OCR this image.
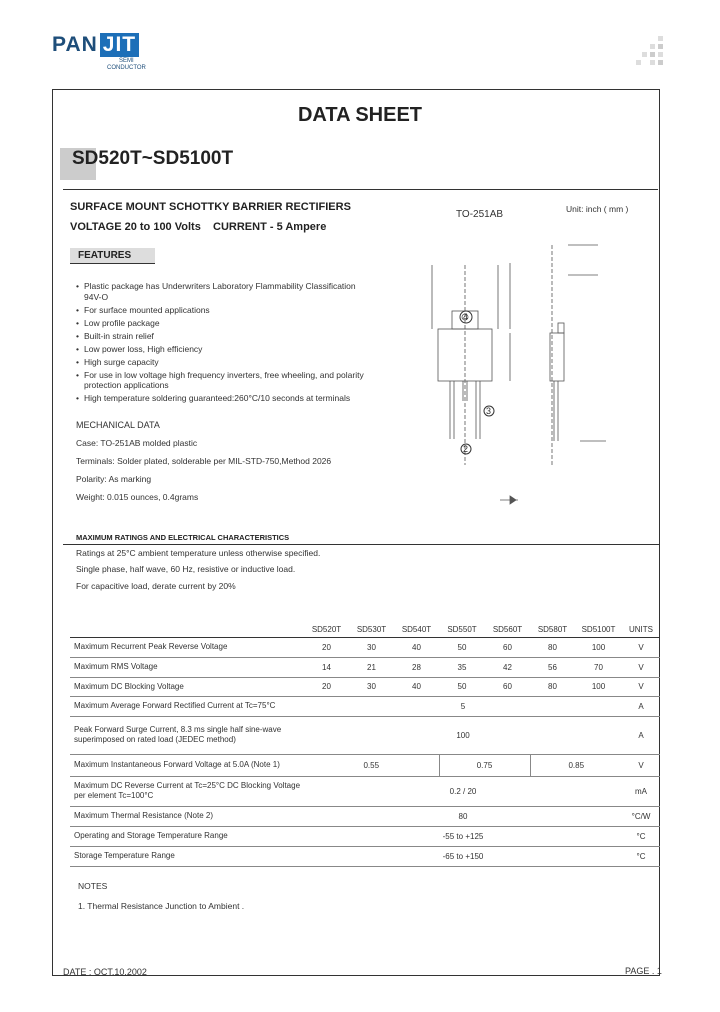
PAN JIT
SEMI
CONDUCTOR
DATA SHEET
SD520T~SD5100T
SURFACE MOUNT SCHOTTKY BARRIER RECTIFIERS
VOLTAGE 20 to 100 Volts    CURRENT - 5 Ampere
TO-251AB	Unit: inch ( mm )
FEATURES
• Plastic package has Underwriters Laboratory Flammability Classification 94V-O
• For surface mounted applications
• Low profile package
• Built-in strain relief
• Low power loss, High efficiency
• High surge capacity
• For use in low voltage high frequency inverters, free wheeling, and polarity protection applications
• High temperature soldering guaranteed:260°C/10 seconds at terminals

MECHANICAL DATA

Case: TO-251AB molded plastic

Terminals: Solder plated, solderable per MIL-STD-750,Method 2026

Polarity: As marking

Weight: 0.015 ounces, 0.4grams

4
3
2
MAXIMUM RATINGS AND ELECTRICAL CHARACTERISTICS
Ratings at 25°C ambient temperature unless otherwise specified.
Single phase, half wave, 60 Hz, resistive or inductive load.
For capacitive load, derate current by 20%
	SD520T	SD530T	SD540T	SD550T	SD560T	SD580T	SD5100T	UNITS
Maximum Recurrent Peak Reverse Voltage	20	30	40	50	60	80	100	V
Maximum RMS Voltage	14	21	28	35	42	56	70	V
Maximum DC Blocking Voltage	20	30	40	50	60	80	100	V
Maximum Average Forward Rectified Current at Tc=75°C	5							A
Peak Forward Surge Current, 8.3 ms single half sine-wave superimposed on rated load (JEDEC method)	100							A
Maximum Instantaneous Forward Voltage at 5.0A (Note 1)	0.55			0.75		0.85		V
Maximum DC Reverse Current at Tc=25°C DC Blocking Voltage per element Tc=100°C	0.2 / 20							mA
Maximum Thermal Resistance (Note 2)	80							°C/W
Operating and Storage Temperature Range	-55 to +125							°C
Storage Temperature Range	-65 to +150							°C
NOTES
1. Thermal Resistance Junction to Ambient .
DATE : OCT.10.2002	PAGE . 1
